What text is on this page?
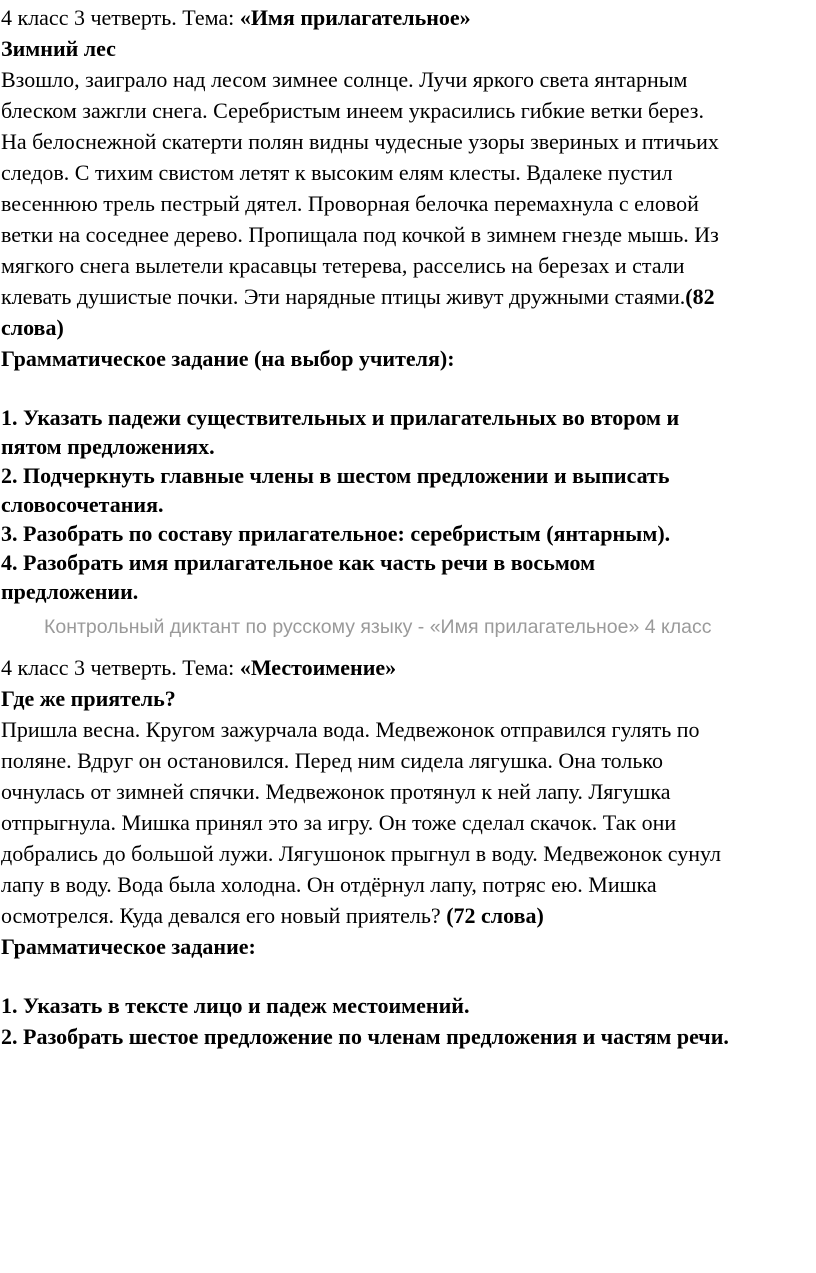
4 класс 3 четверть. Тема: «Имя прилагательное»
Зимний лес
Взошло, заиграло над лесом зимнее солнце. Лучи яркого света янтарным
блеском зажгли снега. Серебристым инеем украсились гибкие ветки берез.
На белоснежной скатерти полян видны чудесные узоры звериных и птичьих
следов. С тихим свистом летят к высоким елям клесты. Вдалеке пустил
весеннюю трель пестрый дятел. Проворная белочка перемахнула с еловой
ветки на соседнее дерево. Пропищала под кочкой в зимнем гнезде мышь. Из
мягкого снега вылетели красавцы тетерева, расселись на березах и стали
клевать душистые почки. Эти нарядные птицы живут дружными стаями.(82
слова)
Грамматическое задание (на выбор учителя):
1. Указать падежи существительных и прилагательных во втором и
пятом предложениях.
2. Подчеркнуть главные члены в шестом предложении и выписать
словосочетания.
3. Разобрать по составу прилагательное: серебристым (янтарным).
4. Разобрать имя прилагательное как часть речи в восьмом
предложении.
Контрольный диктант по русскому языку - «Имя прилагательное» 4 класс
4 класс 3 четверть. Тема: «Местоимение»
Где же приятель?
Пришла весна. Кругом зажурчала вода. Медвежонок отправился гулять по
поляне. Вдруг он остановился. Перед ним сидела лягушка. Она только
очнулась от зимней спячки. Медвежонок протянул к ней лапу. Лягушка
отпрыгнула. Мишка принял это за игру. Он тоже сделал скачок. Так они
добрались до большой лужи. Лягушонок прыгнул в воду. Медвежонок сунул
лапу в воду. Вода была холодна. Он отдёрнул лапу, потряс ею. Мишка
осмотрелся. Куда девался его новый приятель? (72 слова)
Грамматическое задание:
1. Указать в тексте лицо и падеж местоимений.
2. Разобрать шестое предложение по членам предложения и частям речи.
